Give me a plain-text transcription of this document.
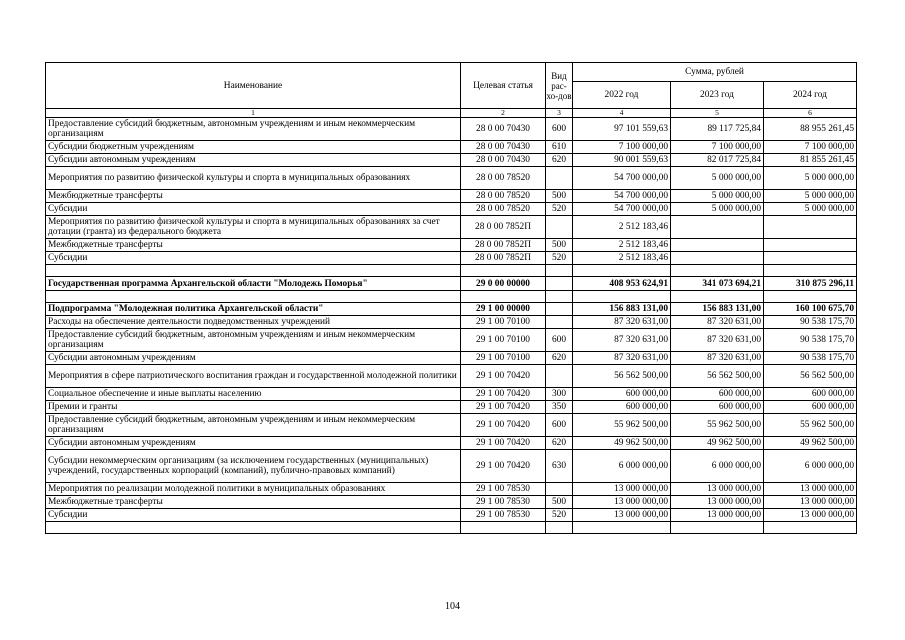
Наименование	Целевая статья	Вид рас-хо-дов	Сумма, рублей		
			2022 год	2023 год	2024 год
1	2	3	4	5	6
Предоставление субсидий бюджетным, автономным учреждениям и иным некоммерческим организациям	28 0 00 70430	600	97 101 559,63	89 117 725,84	88 955 261,45
Субсидии бюджетным учреждениям	28 0 00 70430	610	7 100 000,00	7 100 000,00	7 100 000,00
Субсидии автономным учреждениям	28 0 00 70430	620	90 001 559,63	82 017 725,84	81 855 261,45
Мероприятия по развитию физической культуры и спорта в муниципальных образованиях	28 0 00 78520		54 700 000,00	5 000 000,00	5 000 000,00
Межбюджетные трансферты	28 0 00 78520	500	54 700 000,00	5 000 000,00	5 000 000,00
Субсидии	28 0 00 78520	520	54 700 000,00	5 000 000,00	5 000 000,00
Мероприятия по развитию физической культуры и спорта в муниципальных образованиях за счет дотации (гранта) из федерального бюджета	28 0 00 7852П		2 512 183,46		
Межбюджетные трансферты	28 0 00 7852П	500	2 512 183,46		
Субсидии	28 0 00 7852П	520	2 512 183,46		

Государственная программа Архангельской области "Молодежь Поморья"	29 0 00 00000		408 953 624,91	341 073 694,21	310 875 296,11

Подпрограмма "Молодежная политика Архангельской области"	29 1 00 00000		156 883 131,00	156 883 131,00	160 100 675,70
Расходы на обеспечение деятельности подведомственных учреждений	29 1 00 70100		87 320 631,00	87 320 631,00	90 538 175,70
Предоставление субсидий бюджетным, автономным учреждениям и иным некоммерческим организациям	29 1 00 70100	600	87 320 631,00	87 320 631,00	90 538 175,70
Субсидии автономным учреждениям	29 1 00 70100	620	87 320 631,00	87 320 631,00	90 538 175,70
Мероприятия в сфере патриотического воспитания граждан и государственной молодежной политики	29 1 00 70420		56 562 500,00	56 562 500,00	56 562 500,00
Социальное обеспечение и иные выплаты населению	29 1 00 70420	300	600 000,00	600 000,00	600 000,00
Премии и гранты	29 1 00 70420	350	600 000,00	600 000,00	600 000,00
Предоставление субсидий бюджетным, автономным учреждениям и иным некоммерческим организациям	29 1 00 70420	600	55 962 500,00	55 962 500,00	55 962 500,00
Субсидии автономным учреждениям	29 1 00 70420	620	49 962 500,00	49 962 500,00	49 962 500,00
Субсидии некоммерческим организациям (за исключением государственных (муниципальных) учреждений, государственных корпораций (компаний), публично-правовых компаний)	29 1 00 70420	630	6 000 000,00	6 000 000,00	6 000 000,00
Мероприятия по реализации молодежной политики в муниципальных образованиях	29 1 00 78530		13 000 000,00	13 000 000,00	13 000 000,00
Межбюджетные трансферты	29 1 00 78530	500	13 000 000,00	13 000 000,00	13 000 000,00
Субсидии	29 1 00 78530	520	13 000 000,00	13 000 000,00	13 000 000,00

104
